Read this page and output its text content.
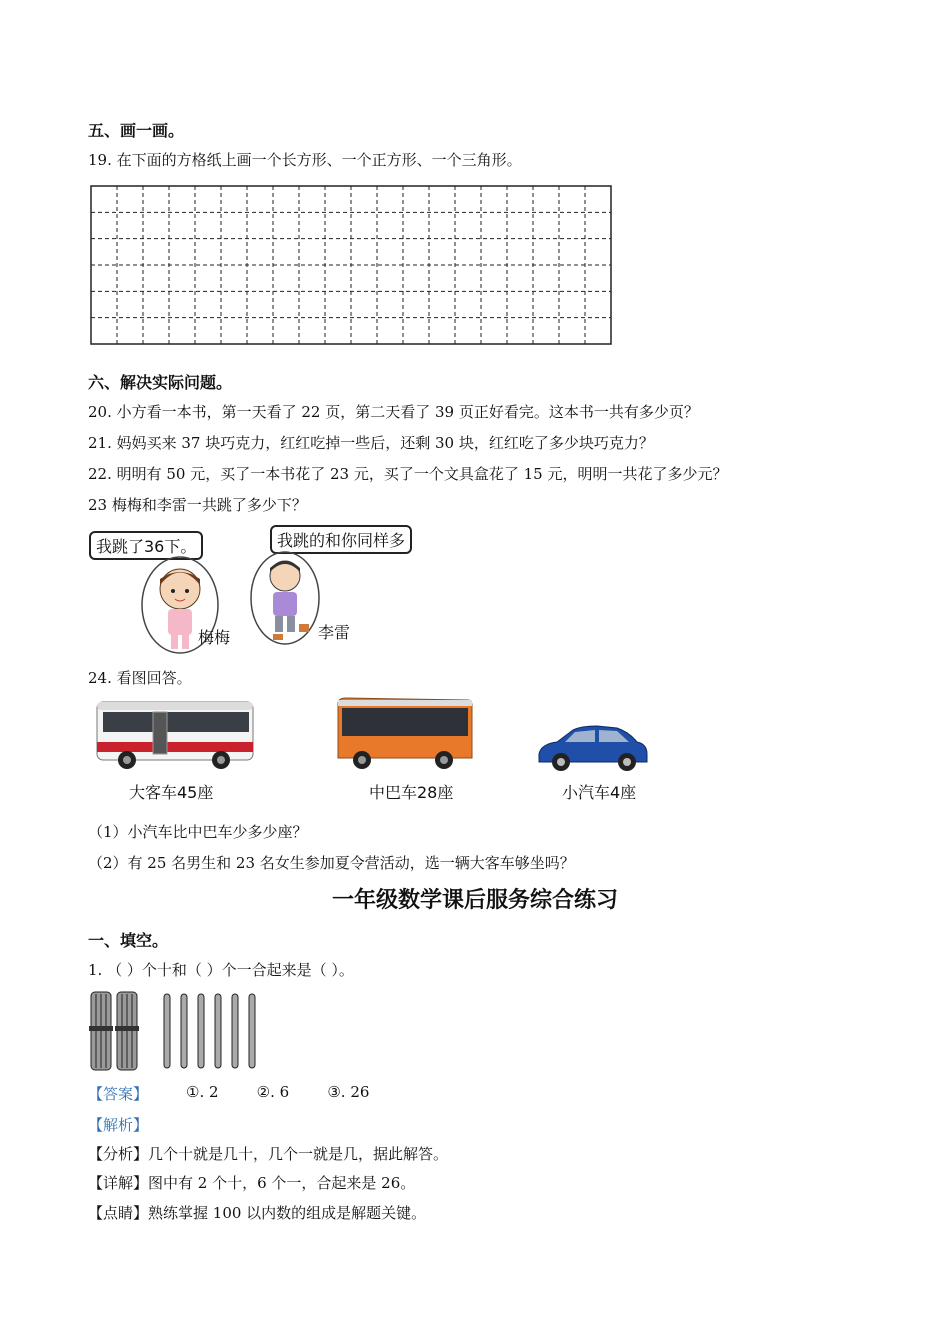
五、画一画。
19. 在下面的方格纸上画一个长方形、一个正方形、一个三角形。
六、解决实际问题。
20. 小方看一本书，第一天看了 22 页，第二天看了 39 页正好看完。这本书一共有多少页？
21. 妈妈买来 37 块巧克力，红红吃掉一些后，还剩 30 块，红红吃了多少块巧克力？
22. 明明有 50 元，买了一本书花了 23 元，买了一个文具盒花了 15 元，明明一共花了多少元？
23 梅梅和李雷一共跳了多少下？
我跳了36下。	我跳的和你同样多
梅梅	李雷
24. 看图回答。
大客车45座	中巴车28座	小汽车4座
（1）小汽车比中巴车少多少座？
（2）有 25 名男生和 23 名女生参加夏令营活动，选一辆大客车够坐吗？
一年级数学课后服务综合练习
一、填空。
1. （ ）个十和（ ）个一合起来是（ ）。
【答案】	①. 2        ②. 6        ③. 26
【解析】
【分析】几个十就是几十，几个一就是几，据此解答。
【详解】图中有 2 个十，6 个一，合起来是 26。
【点睛】熟练掌握 100 以内数的组成是解题关键。
